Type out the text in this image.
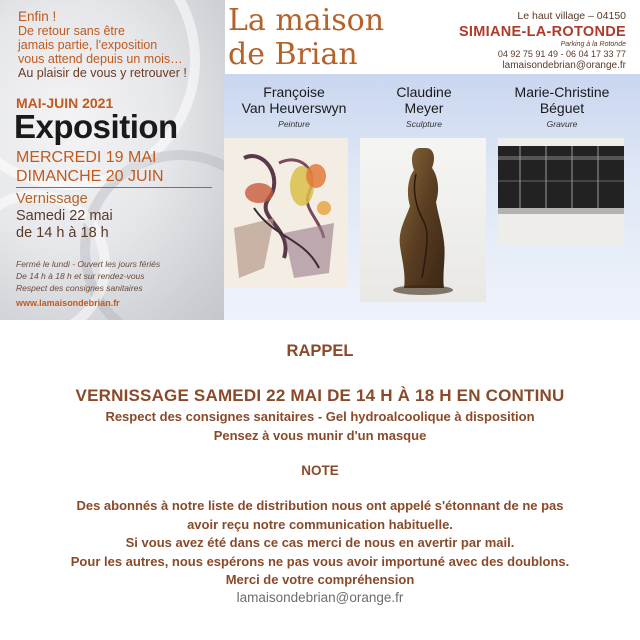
Enfin !
De retour sans être
jamais partie, l'exposition
vous attend depuis un mois…
Au plaisir de vous y retrouver !
MAI-JUIN 2021
Exposition
MERCREDI 19 MAI
DIMANCHE 20 JUIN
Vernissage
Samedi 22 mai
de 14 h à 18 h
Fermé le lundi - Ouvert les jours fériés
De 14 h à 18 h et sur rendez-vous
Respect des consignes sanitaires
www.lamaisondebrian.fr
La maison
de Brian
Le haut village – 04150
SIMIANE-LA-ROTONDE
Parking à la Rotonde
04 92 75 91 49 - 06 04 17 33 77
lamaisondebrian@orange.fr
Françoise
Van Heuverswyn
Peinture
Claudine
Meyer
Sculpture
Marie-Christine
Béguet
Gravure
RAPPEL
VERNISSAGE SAMEDI 22 MAI DE 14 H À 18 H EN CONTINU
Respect des consignes sanitaires - Gel hydroalcoolique à disposition
Pensez à vous munir d'un masque
NOTE
Des abonnés à notre liste de distribution nous ont appelé s'étonnant de ne pas
avoir reçu notre communication habituelle.
Si vous avez été dans ce cas merci de nous en avertir par mail.
Pour les autres, nous espérons ne pas vous avoir importuné avec des doublons.
Merci de votre compréhension
lamaisondebrian@orange.fr
